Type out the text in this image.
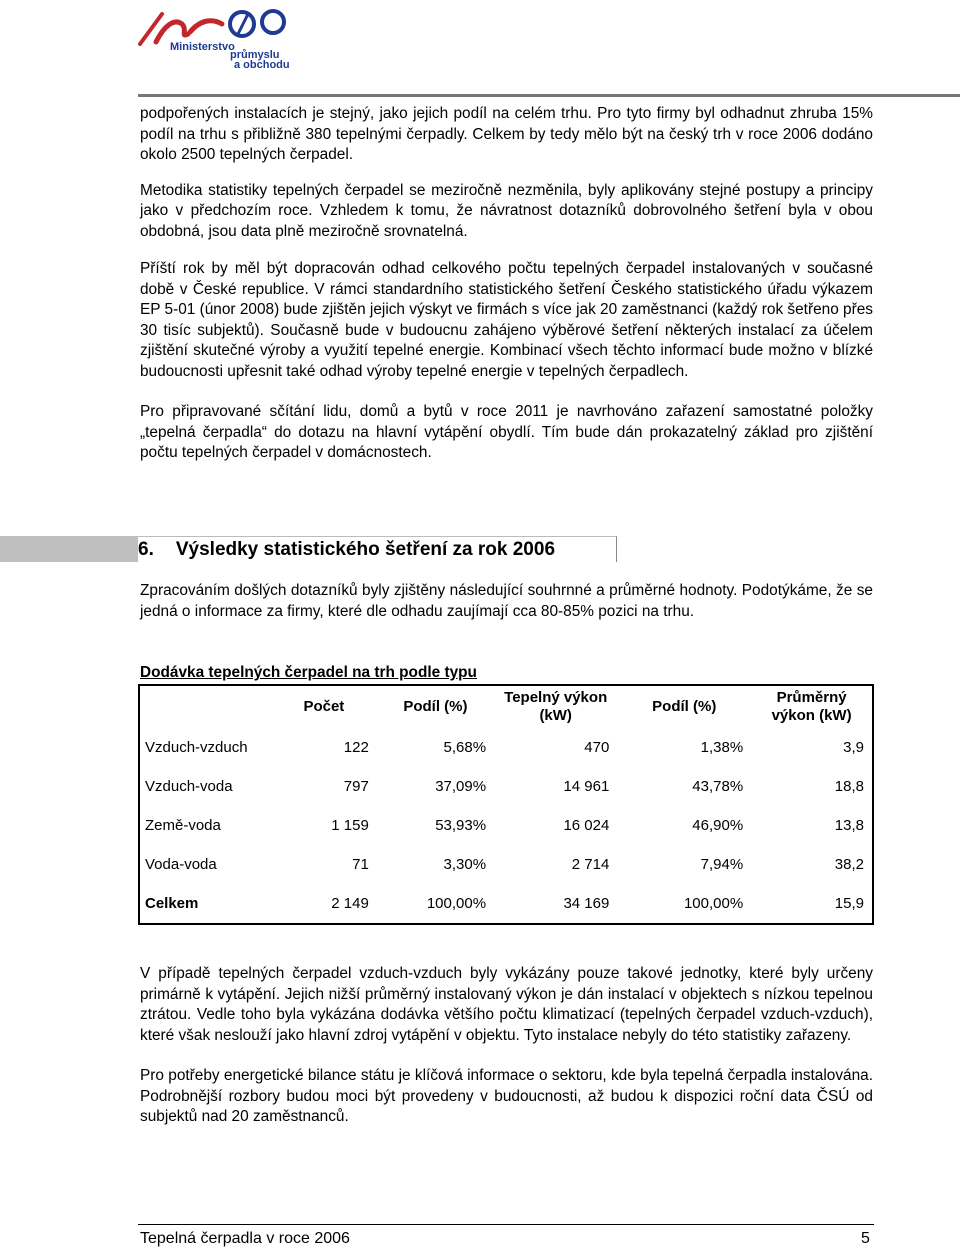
Ministerstvo
průmyslu
a obchodu

podpořených instalacích je stejný, jako jejich podíl na celém trhu. Pro tyto firmy byl odhadnut zhruba 15% podíl na trhu s přibližně 380 tepelnými čerpadly. Celkem by tedy mělo být na český trh v roce 2006 dodáno okolo 2500 tepelných čerpadel.

Metodika statistiky tepelných čerpadel se meziročně nezměnila, byly aplikovány stejné postupy a principy jako v předchozím roce. Vzhledem k tomu, že návratnost dotazníků dobrovolného šetření byla v obou obdobná, jsou data plně meziročně srovnatelná.

Příští rok by měl být dopracován odhad celkového počtu tepelných čerpadel instalovaných v současné době v České republice. V rámci standardního statistického šetření Českého statistického úřadu výkazem EP 5-01 (únor 2008) bude zjištěn jejich výskyt ve firmách s více jak 20 zaměstnanci (každý rok šetřeno přes 30 tisíc subjektů). Současně bude v budoucnu zahájeno výběrové šetření některých instalací za účelem zjištění skutečné výroby a využití tepelné energie. Kombinací všech těchto informací bude možno v blízké budoucnosti upřesnit také odhad výroby tepelné energie v tepelných čerpadlech.

Pro připravované sčítání lidu, domů a bytů v roce 2011 je navrhováno zařazení samostatné položky „tepelná čerpadla“ do dotazu na hlavní vytápění obydlí. Tím bude dán prokazatelný základ pro zjištění počtu tepelných čerpadel v domácnostech.

6. Výsledky statistického šetření za rok 2006

Zpracováním došlých dotazníků byly zjištěny následující souhrnné a průměrné hodnoty. Podotýkáme, že se jedná o informace za firmy, které dle odhadu zaujímají cca 80-85% pozici na trhu.

Dodávka tepelných čerpadel na trh podle typu
	Počet	Podíl (%)	Tepelný výkon (kW)	Podíl (%)	Průměrný výkon (kW)
Vzduch-vzduch	122	5,68%	470	1,38%	3,9
Vzduch-voda	797	37,09%	14 961	43,78%	18,8
Země-voda	1 159	53,93%	16 024	46,90%	13,8
Voda-voda	71	3,30%	2 714	7,94%	38,2
Celkem	2 149	100,00%	34 169	100,00%	15,9

V případě tepelných čerpadel vzduch-vzduch byly vykázány pouze takové jednotky, které byly určeny primárně k vytápění. Jejich nižší průměrný instalovaný výkon je dán instalací v objektech s nízkou tepelnou ztrátou. Vedle toho byla vykázána dodávka většího počtu klimatizací (tepelných čerpadel vzduch-vzduch), které však neslouží jako hlavní zdroj vytápění v objektu. Tyto instalace nebyly do této statistiky zařazeny.

Pro potřeby energetické bilance státu je klíčová informace o sektoru, kde byla tepelná čerpadla instalována. Podrobnější rozbory budou moci být provedeny v budoucnosti, až budou k dispozici roční data ČSÚ od subjektů nad 20 zaměstnanců.

Tepelná čerpadla v roce 2006	5
